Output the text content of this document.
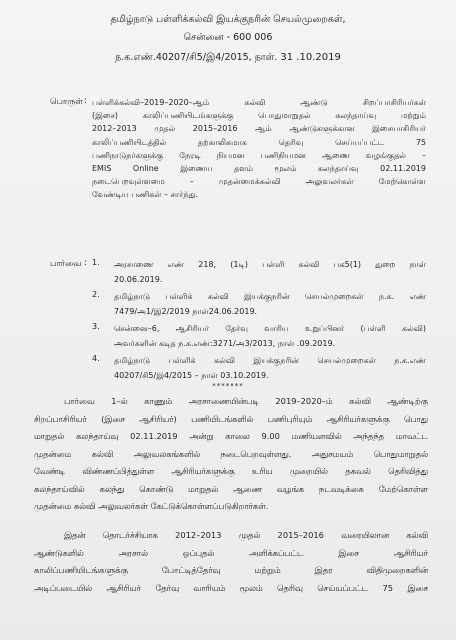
தமிழ்நாடு பள்ளிக்கல்வி இயக்குநரின் செயல்முறைகள்,
சென்னை - 600 006
ந.க.எண்.40207/சி5/இ4/2015, நாள். 31 .10.2019
பொருள் : பள்ளிக்கல்வி–2019–2020–ஆம் கல்வி ஆண்டு சிறப்பாசிரியர்கள்
(இசை) காலிப்பணியிடங்களுக்கு பொதுமாறுதல் கலந்தாய்வு மற்றும்
2012–2013 முதல் 2015–2016 ஆம் ஆண்டுகளுக்கான இசையாசிரியர்
காலிப்பணியிடத்தில் தற்காலிகமாக தெரிவு செய்யப்பட்ட 75
பணிநாடுநர்களுக்கு நேரடி நியமன பணிநியமன ஆணை வழங்குதல் –
EMIS Online இணைய தளம் மூலம் கலந்தாய்வு 02.11.2019
நடைபெறவுள்ளமை – முதன்மைக்கல்வி அலுவலர்கள் மேற்கொள்ள
வேண்டிய பணிகள் – சார்ந்து.
பார்வை : 1.	அரசாணை எண் 218, (1டி) பள்ளி கல்வி பக5(1) துறை நாள்
20.06.2019.
2.	தமிழ்நாடு பள்ளிக் கல்வி இயக்குநரின் செயல்முறைகள் ந.க. எண்
7479/அ1/இ2/2019 நாள்24.06.2019.
3.	சென்னை–6, ஆசிரியர் தேர்வு வாரிய உறுப்பினர் (பள்ளி கல்வி)
அவர்களின் கடித ந.க.எண்:3271/அ3/2013, நாள் .09.2019.
4.	தமிழ்நாடு பள்ளிக் கல்வி இயக்குநரின் செயல்முறைகள் ந.க.எண்
40207/சி5/இ4/2015 – நாள் 03.10.2019.
*******
பார்வை 1–ல் காணும் அரசாணையின்படி 2019–2020–ம் கல்வி ஆண்டிற்கு
சிறப்பாசிரியர் (இசை ஆசிரியர்) பணியிடங்களில் பணிபுரியும் ஆசிரியர்களுக்கு பொது
மாறுதல் கலந்தாய்வு 02.11.2019 அன்று காலை 9.00 மணியளவில் அந்தந்த மாவட்ட
முதன்மை கல்வி அலுவலகங்களில் நடைபெறவுள்ளது. அதுசமயம் பொதுமாறுதல்
வேண்டி விண்ணப்பித்துள்ள ஆசிரியர்களுக்கு உரிய முறையில் தகவல் தெரிவித்து
கலந்தாய்வில் கலந்து கொண்டு மாறுதல் ஆணை வழங்க நடவடிக்கை மேற்கொள்ள
முதன்மை கல்வி அலுவலர்கள் கேட்டுக்கொள்ளப்படுகிறார்கள்.
இதன் தொடர்ச்சியாக 2012–2013 முதல் 2015–2016 வரையிலான கல்வி
ஆண்டுகளில் அரசால் ஒப்புதல் அளிக்கப்பட்ட இசை ஆசிரியர்
காலிப்பணியிடங்களுக்கு போட்டித்தேர்வு மற்றும் இதர விதிமுறைகளின்
அடிப்படையில் ஆசிரியர் தேர்வு வாரியம் மூலம் தெரிவு செய்யப்பட்ட 75 இசை
